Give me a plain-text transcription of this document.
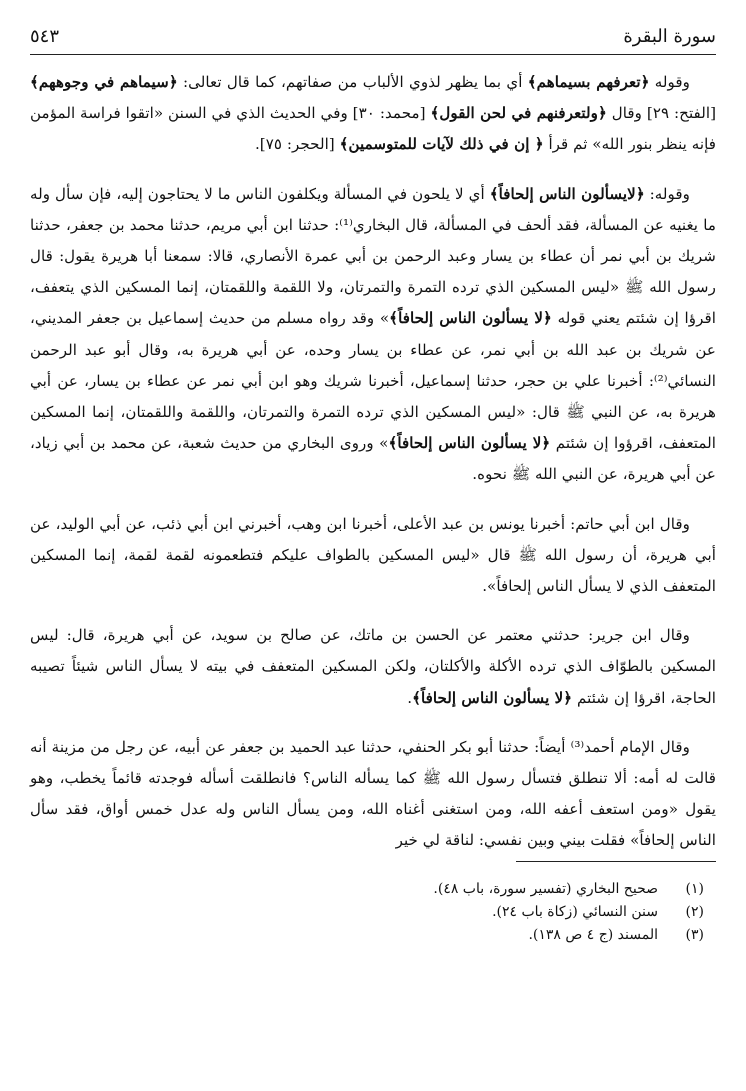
سورة البقرة
٥٤٣

وقوله ﴿تعرفهم بسيماهم﴾ أي بما يظهر لذوي الألباب من صفاتهم، كما قال تعالى: ﴿سيماهم في وجوههم﴾ [الفتح: ٢٩] وقال ﴿ولتعرفنهم في لحن القول﴾ [محمد: ٣٠] وفي الحديث الذي في السنن «اتقوا فراسة المؤمن فإنه ينظر بنور الله» ثم قرأ ﴿ إن في ذلك لآيات للمتوسمين﴾ [الحجر: ٧٥].

وقوله: ﴿لايسألون الناس إلحافاً﴾ أي لا يلحون في المسألة ويكلفون الناس ما لا يحتاجون إليه، فإن سأل وله ما يغنيه عن المسألة، فقد ألحف في المسألة، قال البخاري⁽¹⁾: حدثنا ابن أبي مريم، حدثنا محمد بن جعفر، حدثنا شريك بن أبي نمر أن عطاء بن يسار وعبد الرحمن بن أبي عمرة الأنصاري، قالا: سمعنا أبا هريرة يقول: قال رسول الله ﷺ «ليس المسكين الذي ترده التمرة والتمرتان، ولا اللقمة واللقمتان، إنما المسكين الذي يتعفف، اقرؤا إن شئتم يعني قوله ﴿لا يسألون الناس إلحافاً﴾» وقد رواه مسلم من حديث إسماعيل بن جعفر المديني، عن شريك بن عبد الله بن أبي نمر، عن عطاء بن يسار وحده، عن أبي هريرة به، وقال أبو عبد الرحمن النسائي⁽²⁾: أخبرنا علي بن حجر، حدثنا إسماعيل، أخبرنا شريك وهو ابن أبي نمر عن عطاء بن يسار، عن أبي هريرة به، عن النبي ﷺ قال: «ليس المسكين الذي ترده التمرة والتمرتان، واللقمة واللقمتان، إنما المسكين المتعفف، اقرؤوا إن شئتم ﴿لا يسألون الناس إلحافاً﴾» وروى البخاري من حديث شعبة، عن محمد بن أبي زياد، عن أبي هريرة، عن النبي الله ﷺ نحوه.

وقال ابن أبي حاتم: أخبرنا يونس بن عبد الأعلى، أخبرنا ابن وهب، أخبرني ابن أبي ذئب، عن أبي الوليد، عن أبي هريرة، أن رسول الله ﷺ قال «ليس المسكين بالطواف عليكم فتطعمونه لقمة لقمة، إنما المسكين المتعفف الذي لا يسأل الناس إلحافاً».

وقال ابن جرير: حدثني معتمر عن الحسن بن ماتك، عن صالح بن سويد، عن أبي هريرة، قال: ليس المسكين بالطوّاف الذي ترده الأكلة والأكلتان، ولكن المسكين المتعفف في بيته لا يسأل الناس شيئاً تصيبه الحاجة، اقرؤا إن شئتم ﴿لا يسألون الناس إلحافاً﴾.

وقال الإمام أحمد⁽³⁾ أيضاً: حدثنا أبو بكر الحنفي، حدثنا عبد الحميد بن جعفر عن أبيه، عن رجل من مزينة أنه قالت له أمه: ألا تنطلق فتسأل رسول الله ﷺ كما يسأله الناس؟ فانطلقت أسأله فوجدته قائماً يخطب، وهو يقول «ومن استعف أعفه الله، ومن استغنى أغناه الله، ومن يسأل الناس وله عدل خمس أواق، فقد سأل الناس إلحافاً» فقلت بيني وبين نفسي: لناقة لي خير

(١)
صحيح البخاري (تفسير سورة، باب ٤٨).
(٢)
سنن النسائي (زكاة باب ٢٤).
(٣)
المسند (ج ٤ ص ١٣٨).
